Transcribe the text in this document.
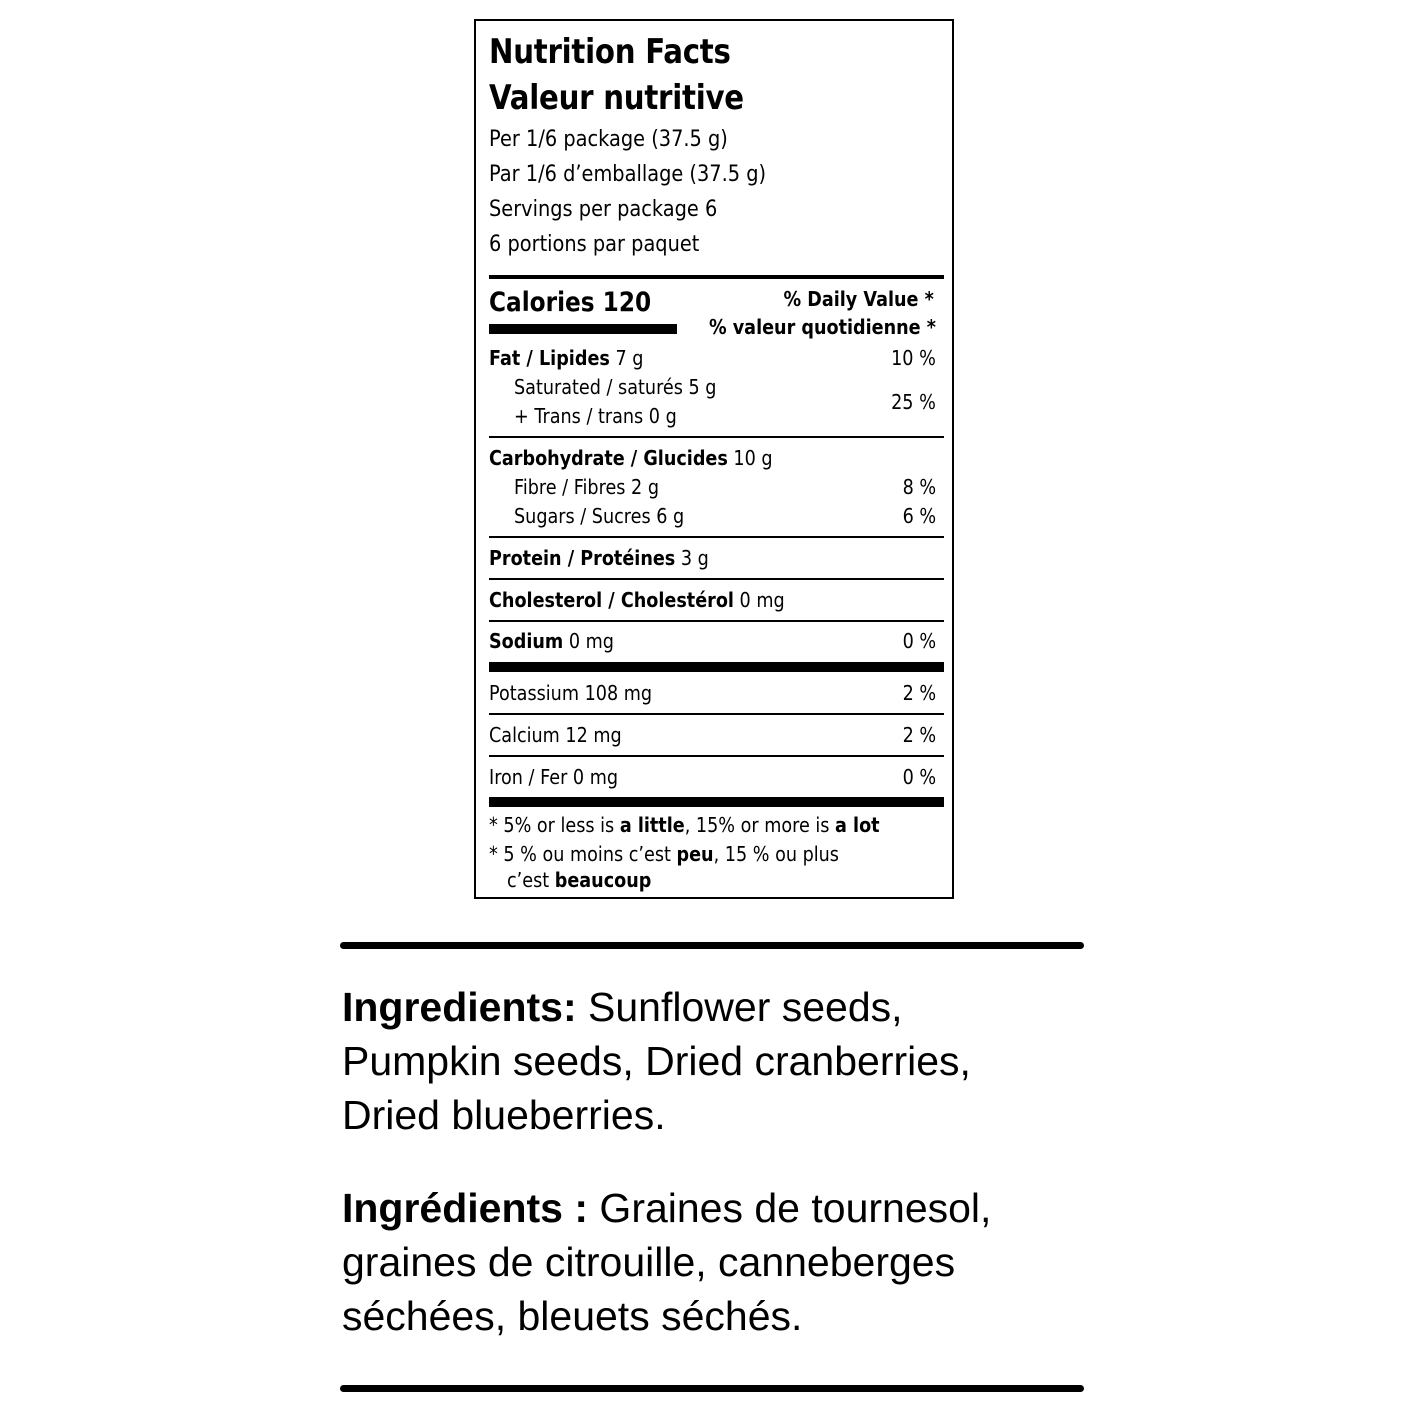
Nutrition Facts
Valeur nutritive
Per 1/6 package (37.5 g)
Par 1/6 d’emballage (37.5 g)
Servings per package 6
6 portions par paquet
Calories 120	% Daily Value *
% valeur quotidienne *
Fat / Lipides 7 g	10 %
Saturated / saturés 5 g
+ Trans / trans 0 g
25 %
Carbohydrate / Glucides 10 g
Fibre / Fibres 2 g	8 %
Sugars / Sucres 6 g	6 %
Protein / Protéines 3 g
Cholesterol / Cholestérol 0 mg
Sodium 0 mg	0 %
Potassium 108 mg	2 %
Calcium 12 mg	2 %
Iron / Fer 0 mg	0 %
* 5% or less is a little, 15% or more is a lot
* 5 % ou moins c’est peu, 15 % ou plus
c’est beaucoup
Ingredients: Sunflower seeds,
Pumpkin seeds, Dried cranberries,
Dried blueberries.
Ingrédients : Graines de tournesol,
graines de citrouille, canneberges
séchées, bleuets séchés.
